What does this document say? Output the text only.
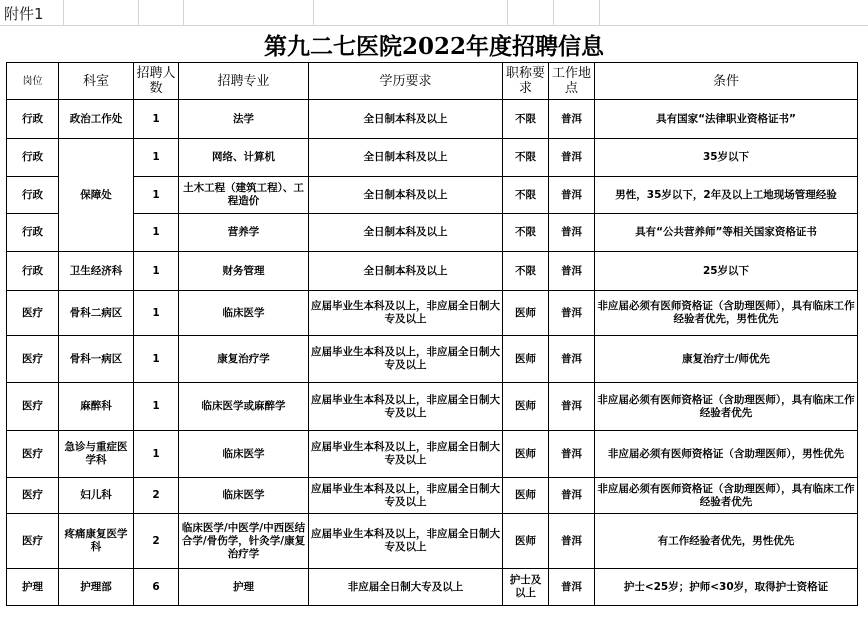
附件1
第九二七医院2022年度招聘信息
岗位	科室	招聘人数	招聘专业	学历要求	职称要求	工作地点	条件
行政	政治工作处	1	法学	全日制本科及以上	不限	普洱	具有国家“法律职业资格证书”
行政	保障处	1	网络、计算机	全日制本科及以上	不限	普洱	35岁以下
行政		1	土木工程（建筑工程）、工程造价	全日制本科及以上	不限	普洱	男性，35岁以下，2年及以上工地现场管理经验
行政		1	营养学	全日制本科及以上	不限	普洱	具有“公共营养师”等相关国家资格证书
行政	卫生经济科	1	财务管理	全日制本科及以上	不限	普洱	25岁以下
医疗	骨科二病区	1	临床医学	应届毕业生本科及以上，非应届全日制大专及以上	医师	普洱	非应届必须有医师资格证（含助理医师），具有临床工作经验者优先，男性优先
医疗	骨科一病区	1	康复治疗学	应届毕业生本科及以上，非应届全日制大专及以上	医师	普洱	康复治疗士/师优先
医疗	麻醉科	1	临床医学或麻醉学	应届毕业生本科及以上，非应届全日制大专及以上	医师	普洱	非应届必须有医师资格证（含助理医师），具有临床工作经验者优先
医疗	急诊与重症医学科	1	临床医学	应届毕业生本科及以上，非应届全日制大专及以上	医师	普洱	非应届必须有医师资格证（含助理医师），男性优先
医疗	妇儿科	2	临床医学	应届毕业生本科及以上，非应届全日制大专及以上	医师	普洱	非应届必须有医师资格证（含助理医师），具有临床工作经验者优先
医疗	疼痛康复医学科	2	临床医学/中医学/中西医结合学/骨伤学，针灸学/康复治疗学	应届毕业生本科及以上，非应届全日制大专及以上	医师	普洱	有工作经验者优先，男性优先
护理	护理部	6	护理	非应届全日制大专及以上	护士及以上	普洱	护士<25岁；护师<30岁，取得护士资格证
